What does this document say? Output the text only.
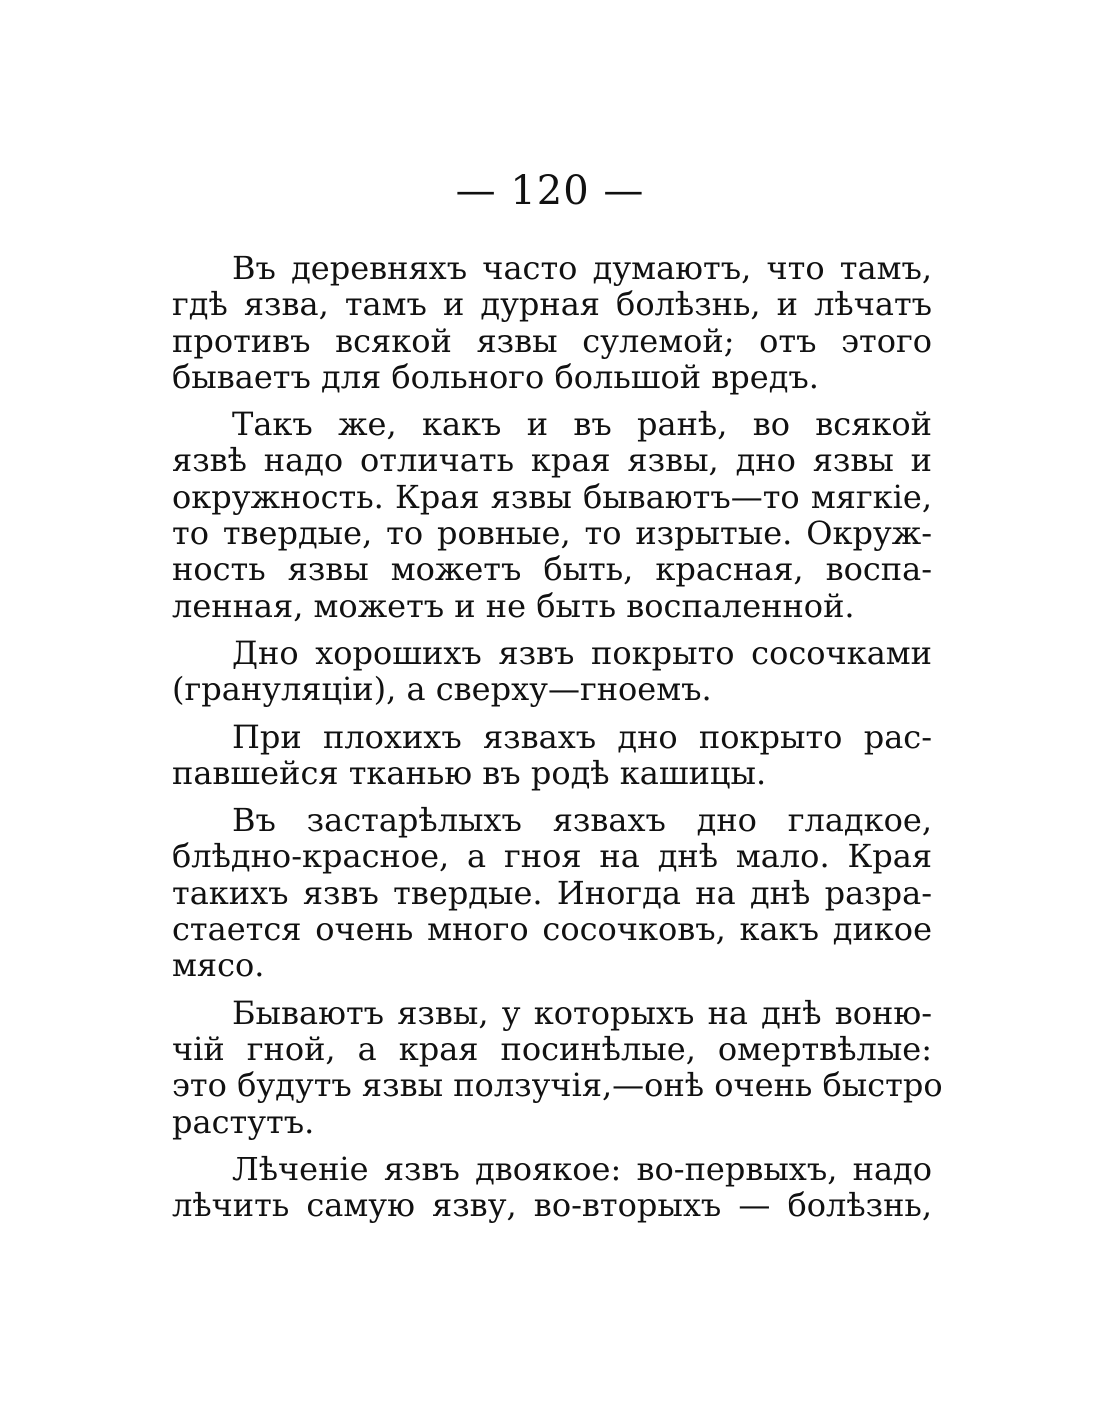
— 120 —
Въ деревняхъ часто думаютъ, что тамъ,
гдѣ язва, тамъ и дурная болѣзнь, и лѣчатъ
противъ всякой язвы сулемой; отъ этого
бываетъ для больного большой вредъ.
Такъ же, какъ и въ ранѣ, во всякой
язвѣ надо отличать края язвы, дно язвы и
окружность. Края язвы бываютъ—то мягкіе,
то твердые, то ровные, то изрытые. Окруж-
ность язвы можетъ быть, красная, воспа-
ленная, можетъ и не быть воспаленной.
Дно хорошихъ язвъ покрыто сосочками
(грануляціи), а сверху—гноемъ.
При плохихъ язвахъ дно покрыто рас-
павшейся тканью въ родѣ кашицы.
Въ застарѣлыхъ язвахъ дно гладкое,
блѣдно-красное, а гноя на днѣ мало. Края
такихъ язвъ твердые. Иногда на днѣ разра-
стается очень много сосочковъ, какъ дикое
мясо.
Бываютъ язвы, у которыхъ на днѣ воню-
чій гной, а края посинѣлые, омертвѣлые:
это будутъ язвы ползучія,—онѣ очень быстро
растутъ.
Лѣченіе язвъ двоякое: во-первыхъ, надо
лѣчить самую язву, во-вторыхъ — болѣзнь,
